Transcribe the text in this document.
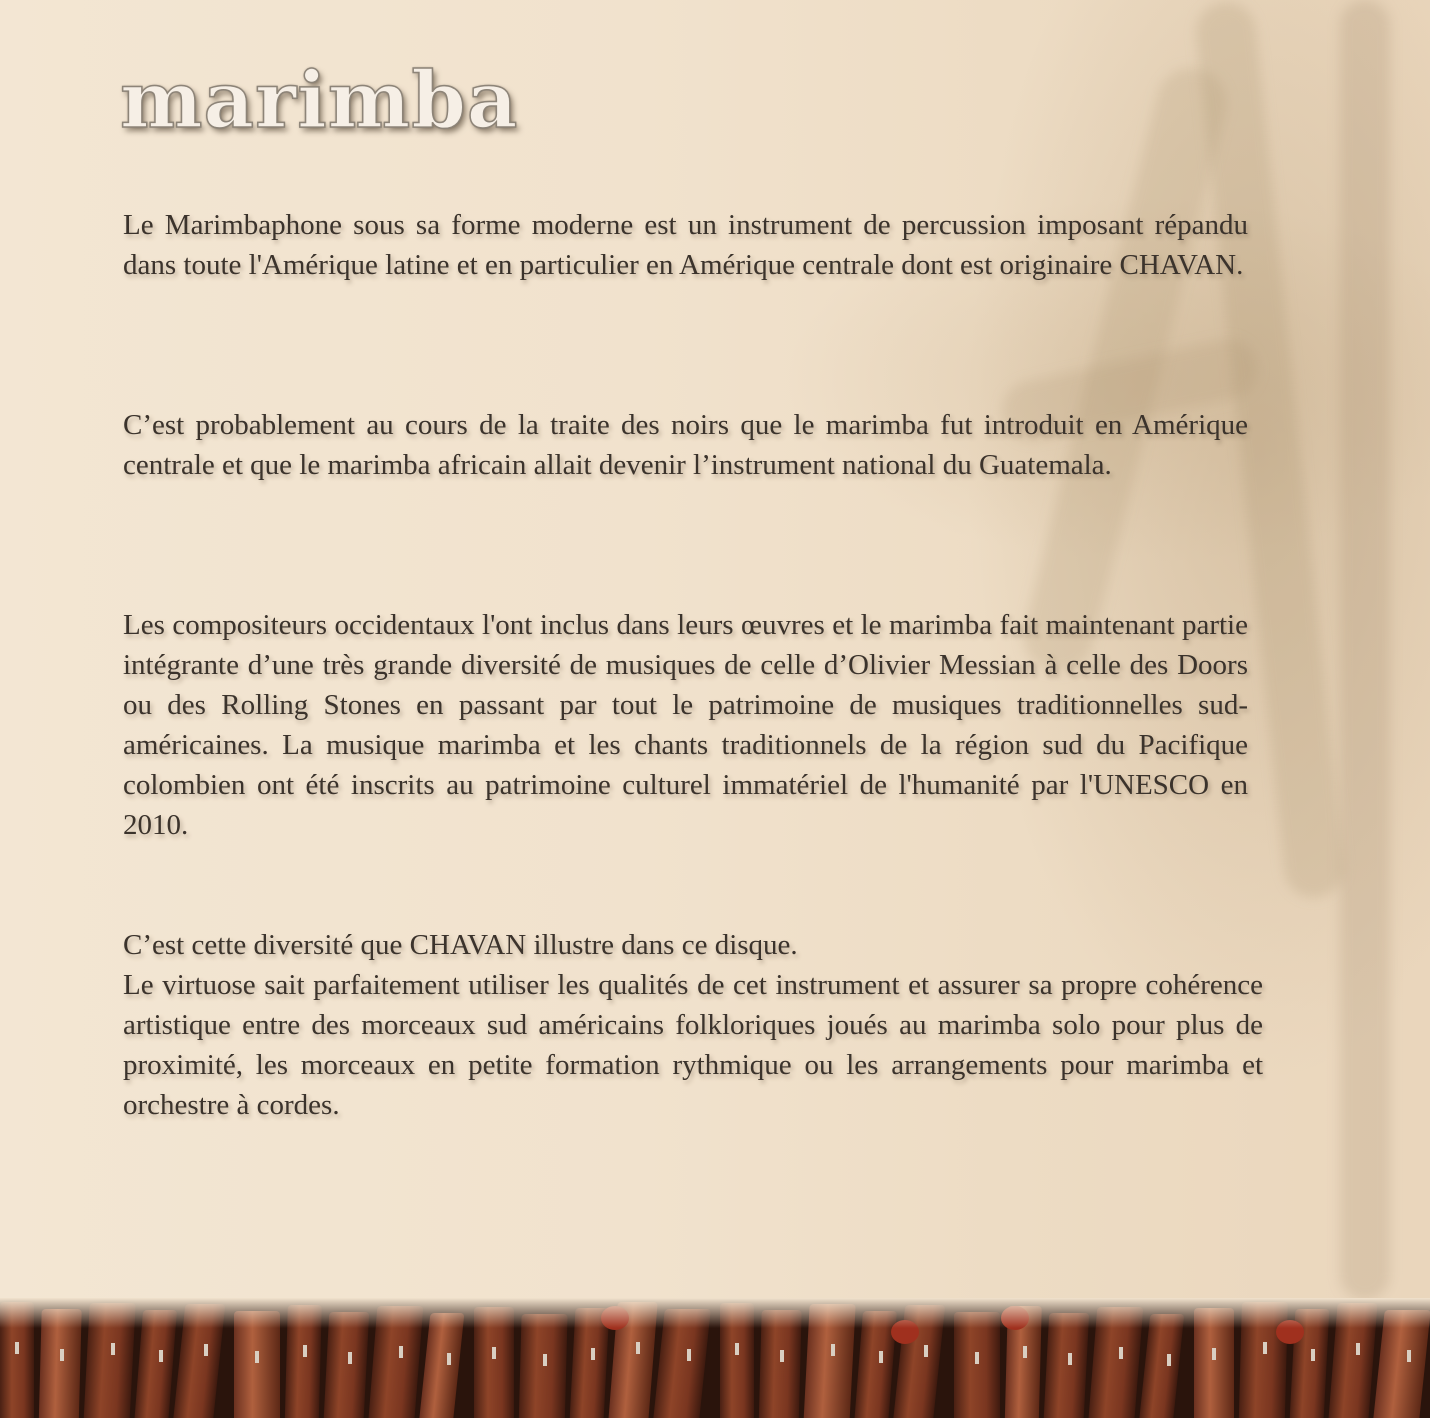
marimba

Le Marimbaphone sous sa forme moderne est un instrument de percussion imposant répandu dans toute l'Amérique latine et en particulier en Amérique centrale dont est originaire CHAVAN.

C’est probablement au cours de la traite des noirs que le marimba fut introduit en Amérique centrale et que le marimba africain allait devenir l’instrument national du Guatemala.

Les compositeurs occidentaux l'ont inclus dans leurs œuvres et le marimba fait maintenant partie intégrante d’une très grande diversité de musiques de celle d’Olivier Messian à celle des Doors ou des Rolling Stones en passant par tout le patrimoine de musiques traditionnelles sud-américaines. La musique marimba et les chants traditionnels de la région sud du Pacifique colombien ont été inscrits au patrimoine culturel immatériel de l'humanité par l'UNESCO en 2010.

C’est cette diversité que CHAVAN illustre dans ce disque.
Le virtuose sait parfaitement utiliser les qualités de cet instrument et assurer sa propre cohérence artistique entre des morceaux sud américains folkloriques joués au marimba solo pour plus de proximité, les morceaux en petite formation rythmique ou les arrangements pour marimba et orchestre à cordes.
